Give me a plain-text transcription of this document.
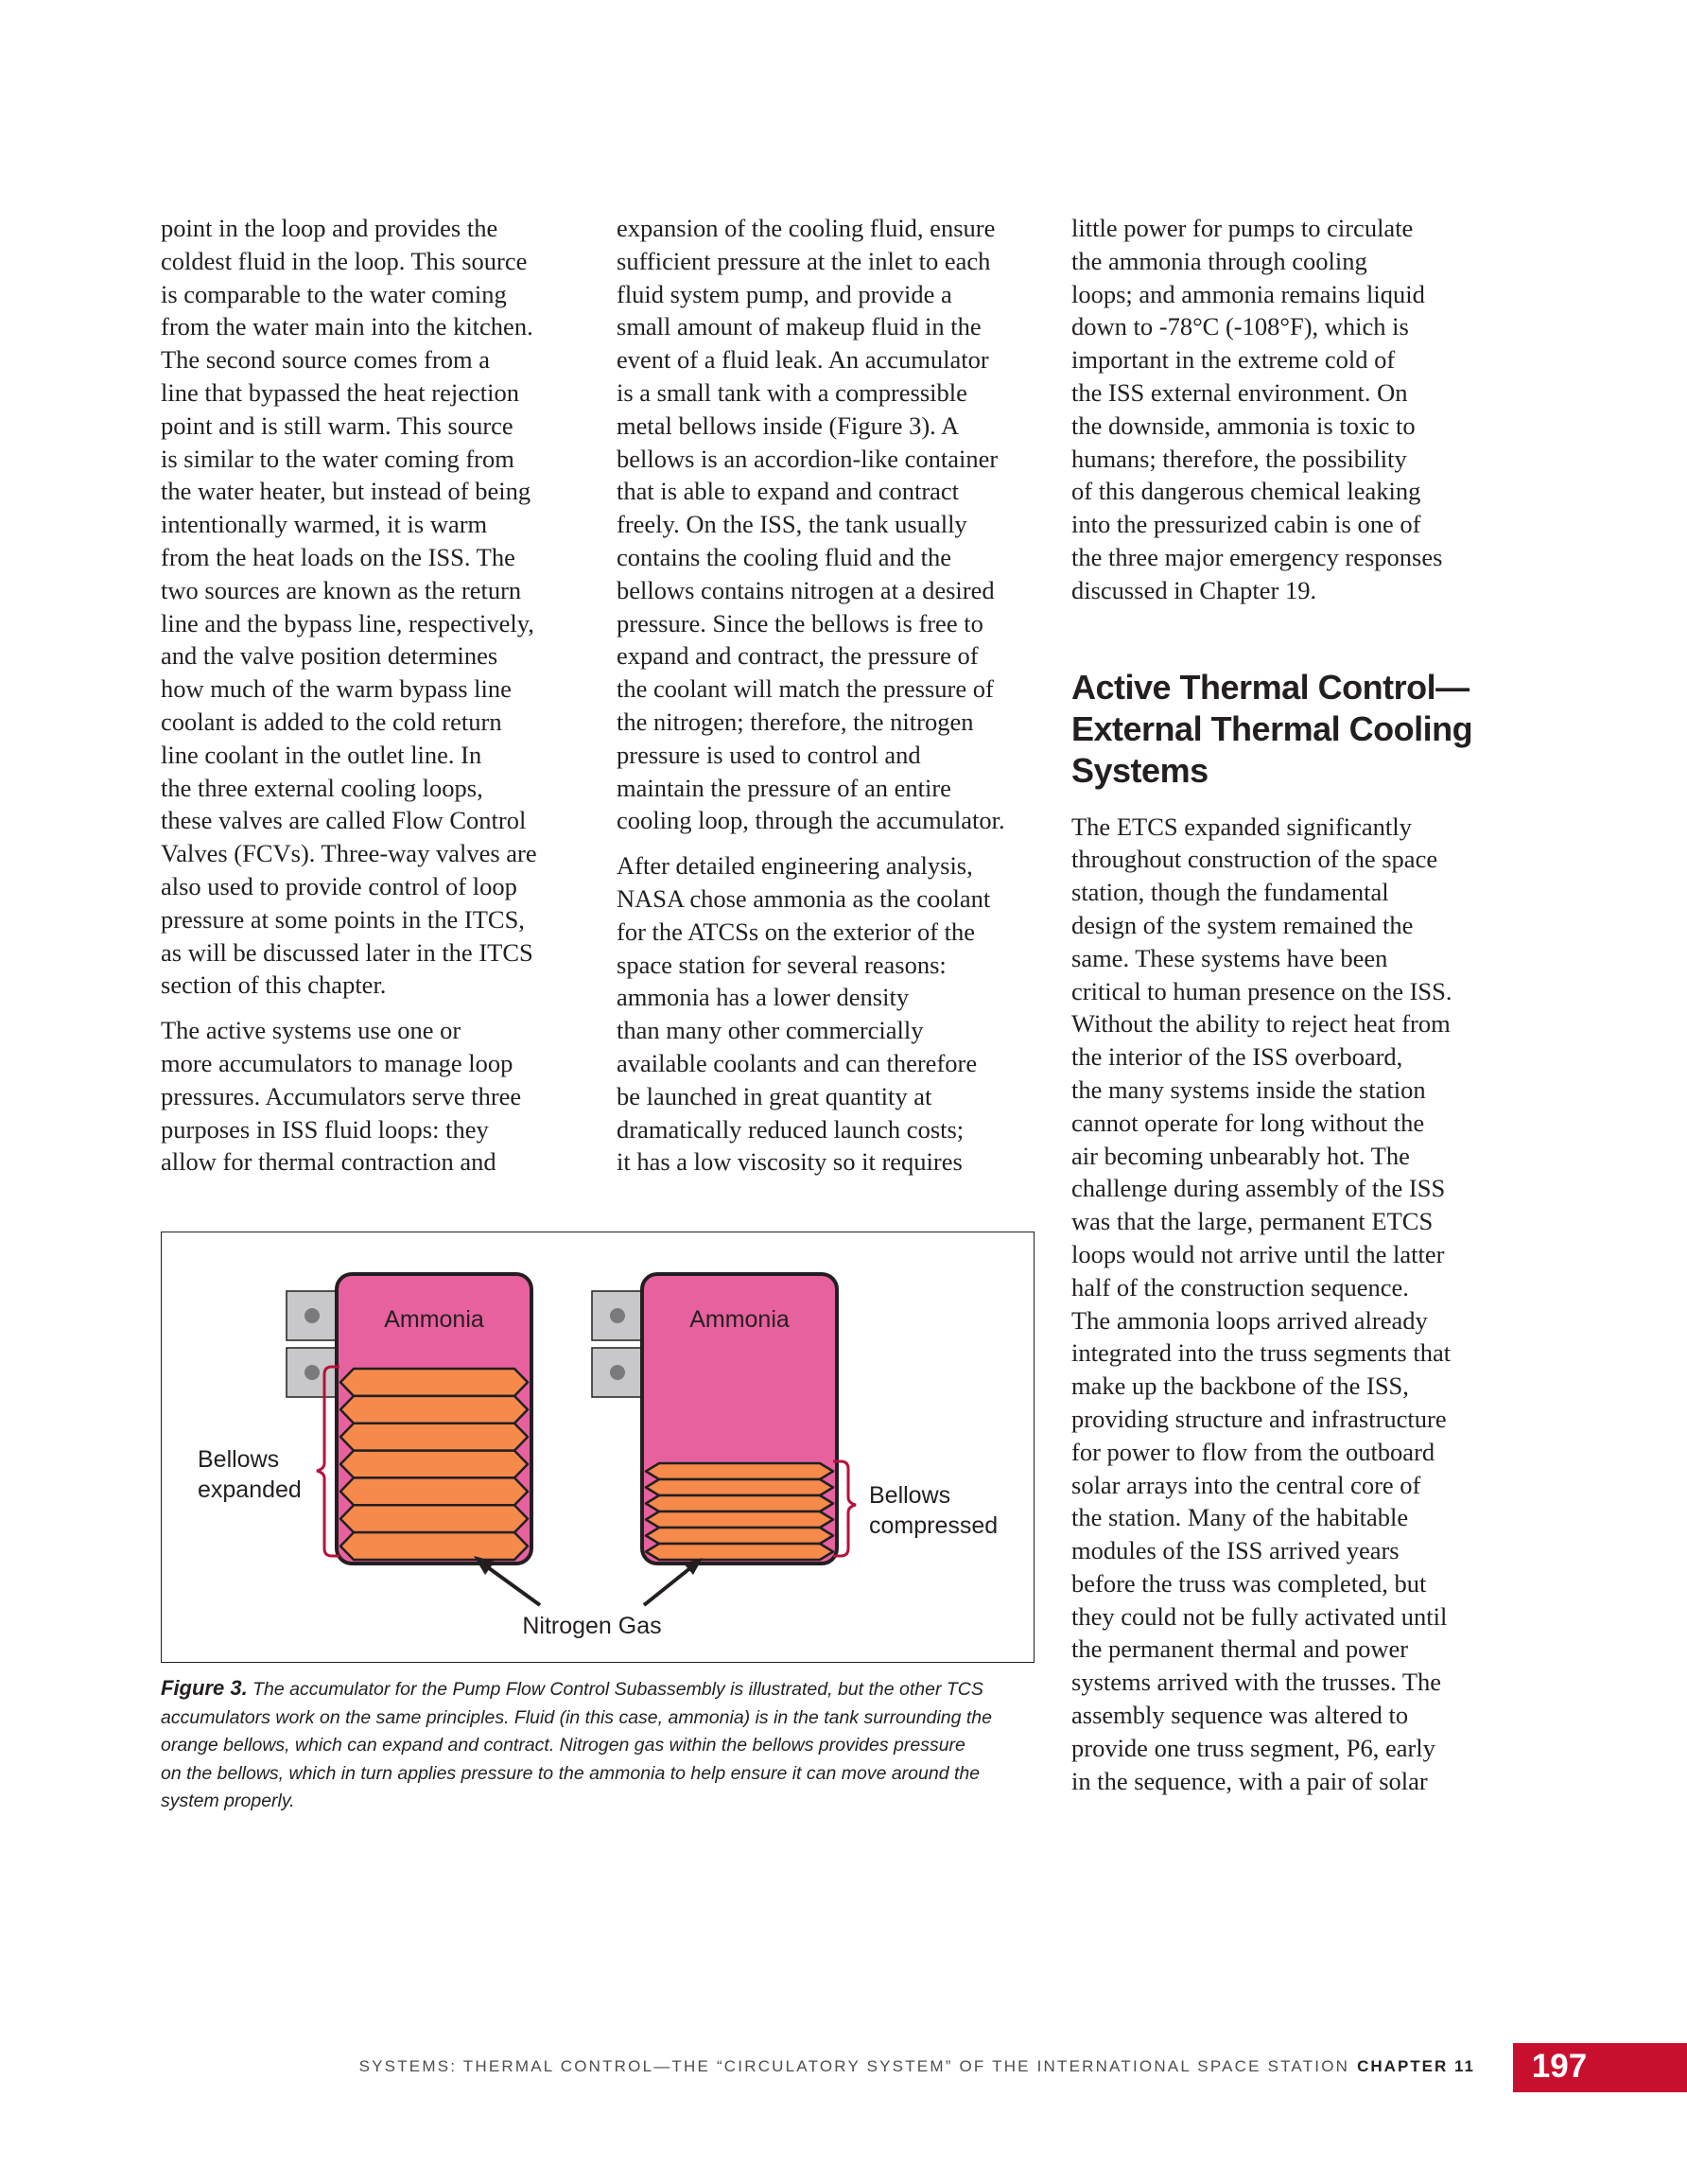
point in the loop and provides the
coldest fluid in the loop. This source
is comparable to the water coming
from the water main into the kitchen.
The second source comes from a
line that bypassed the heat rejection
point and is still warm. This source
is similar to the water coming from
the water heater, but instead of being
intentionally warmed, it is warm
from the heat loads on the ISS. The
two sources are known as the return
line and the bypass line, respectively,
and the valve position determines
how much of the warm bypass line
coolant is added to the cold return
line coolant in the outlet line. In
the three external cooling loops,
these valves are called Flow Control
Valves (FCVs). Three-way valves are
also used to provide control of loop
pressure at some points in the ITCS,
as will be discussed later in the ITCS
section of this chapter.

The active systems use one or
more accumulators to manage loop
pressures. Accumulators serve three
purposes in ISS fluid loops: they
allow for thermal contraction and

expansion of the cooling fluid, ensure
sufficient pressure at the inlet to each
fluid system pump, and provide a
small amount of makeup fluid in the
event of a fluid leak. An accumulator
is a small tank with a compressible
metal bellows inside (Figure 3). A
bellows is an accordion-like container
that is able to expand and contract
freely. On the ISS, the tank usually
contains the cooling fluid and the
bellows contains nitrogen at a desired
pressure. Since the bellows is free to
expand and contract, the pressure of
the coolant will match the pressure of
the nitrogen; therefore, the nitrogen
pressure is used to control and
maintain the pressure of an entire
cooling loop, through the accumulator.

After detailed engineering analysis,
NASA chose ammonia as the coolant
for the ATCSs on the exterior of the
space station for several reasons:
ammonia has a lower density
than many other commercially
available coolants and can therefore
be launched in great quantity at
dramatically reduced launch costs;
it has a low viscosity so it requires

little power for pumps to circulate
the ammonia through cooling
loops; and ammonia remains liquid
down to -78°C (-108°F), which is
important in the extreme cold of
the ISS external environment. On
the downside, ammonia is toxic to
humans; therefore, the possibility
of this dangerous chemical leaking
into the pressurized cabin is one of
the three major emergency responses
discussed in Chapter 19.

Active Thermal Control—
External Thermal Cooling
Systems

The ETCS expanded significantly
throughout construction of the space
station, though the fundamental
design of the system remained the
same. These systems have been
critical to human presence on the ISS.
Without the ability to reject heat from
the interior of the ISS overboard,
the many systems inside the station
cannot operate for long without the
air becoming unbearably hot. The
challenge during assembly of the ISS
was that the large, permanent ETCS
loops would not arrive until the latter
half of the construction sequence.
The ammonia loops arrived already
integrated into the truss segments that
make up the backbone of the ISS,
providing structure and infrastructure
for power to flow from the outboard
solar arrays into the central core of
the station. Many of the habitable
modules of the ISS arrived years
before the truss was completed, but
they could not be fully activated until
the permanent thermal and power
systems arrived with the trusses. The
assembly sequence was altered to
provide one truss segment, P6, early
in the sequence, with a pair of solar

Ammonia	Ammonia
Bellows
expanded	Bellows
compressed
Nitrogen Gas
Figure 3. The accumulator for the Pump Flow Control Subassembly is illustrated, but the other TCS
accumulators work on the same principles. Fluid (in this case, ammonia) is in the tank surrounding the
orange bellows, which can expand and contract. Nitrogen gas within the bellows provides pressure
on the bellows, which in turn applies pressure to the ammonia to help ensure it can move around the
system properly.
SYSTEMS: THERMAL CONTROL—THE “CIRCULATORY SYSTEM” OF THE INTERNATIONAL SPACE STATION CHAPTER 11	197
